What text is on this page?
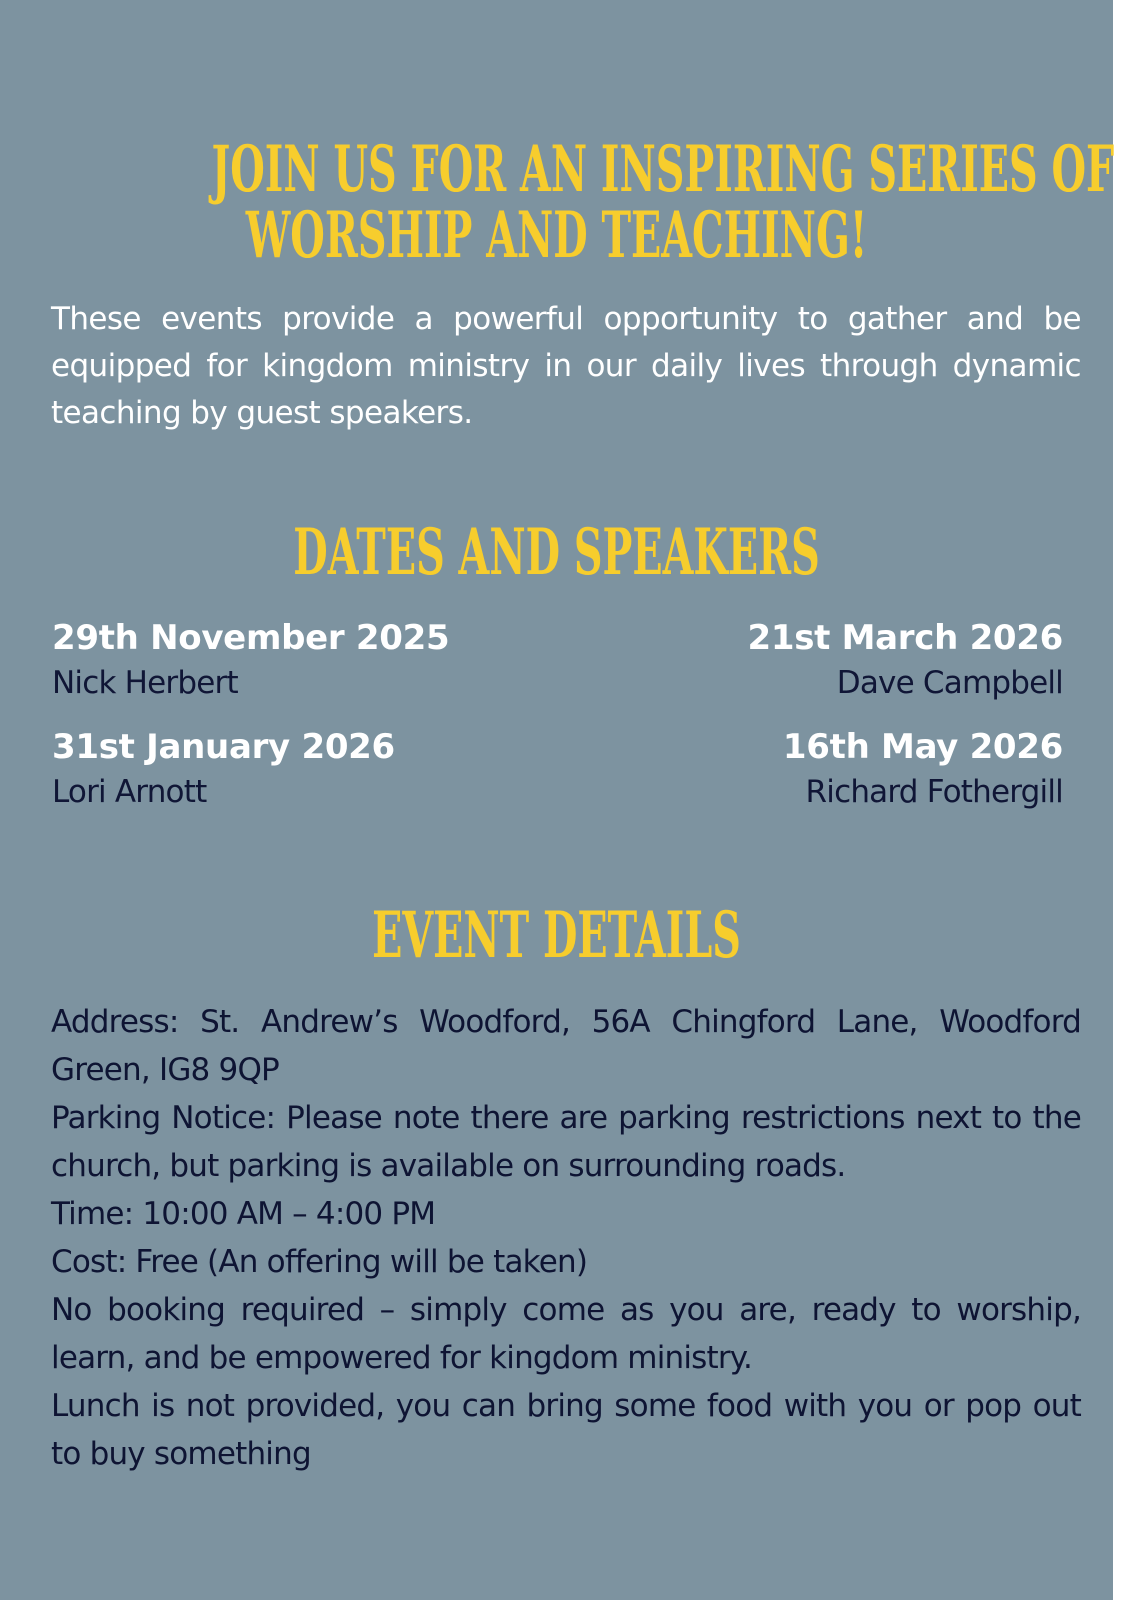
JOIN US FOR AN INSPIRING SERIES OF
WORSHIP AND TEACHING!

These events provide a powerful opportunity to gather and be equipped for kingdom ministry in our daily lives through dynamic teaching by guest speakers.

DATES AND SPEAKERS
29th November 2025
Nick Herbert
21st March 2026
Dave Campbell
31st January 2026
Lori Arnott
16th May 2026
Richard Fothergill
EVENT DETAILS

Address: St. Andrew’s Woodford, 56A Chingford Lane, Woodford Green, IG8 9QP

Parking Notice: Please note there are parking restrictions next to the church, but parking is available on surrounding roads.

Time: 10:00 AM – 4:00 PM

Cost: Free (An offering will be taken)

No booking required – simply come as you are, ready to worship, learn, and be empowered for kingdom ministry.

Lunch is not provided, you can bring some food with you or pop out to buy something
